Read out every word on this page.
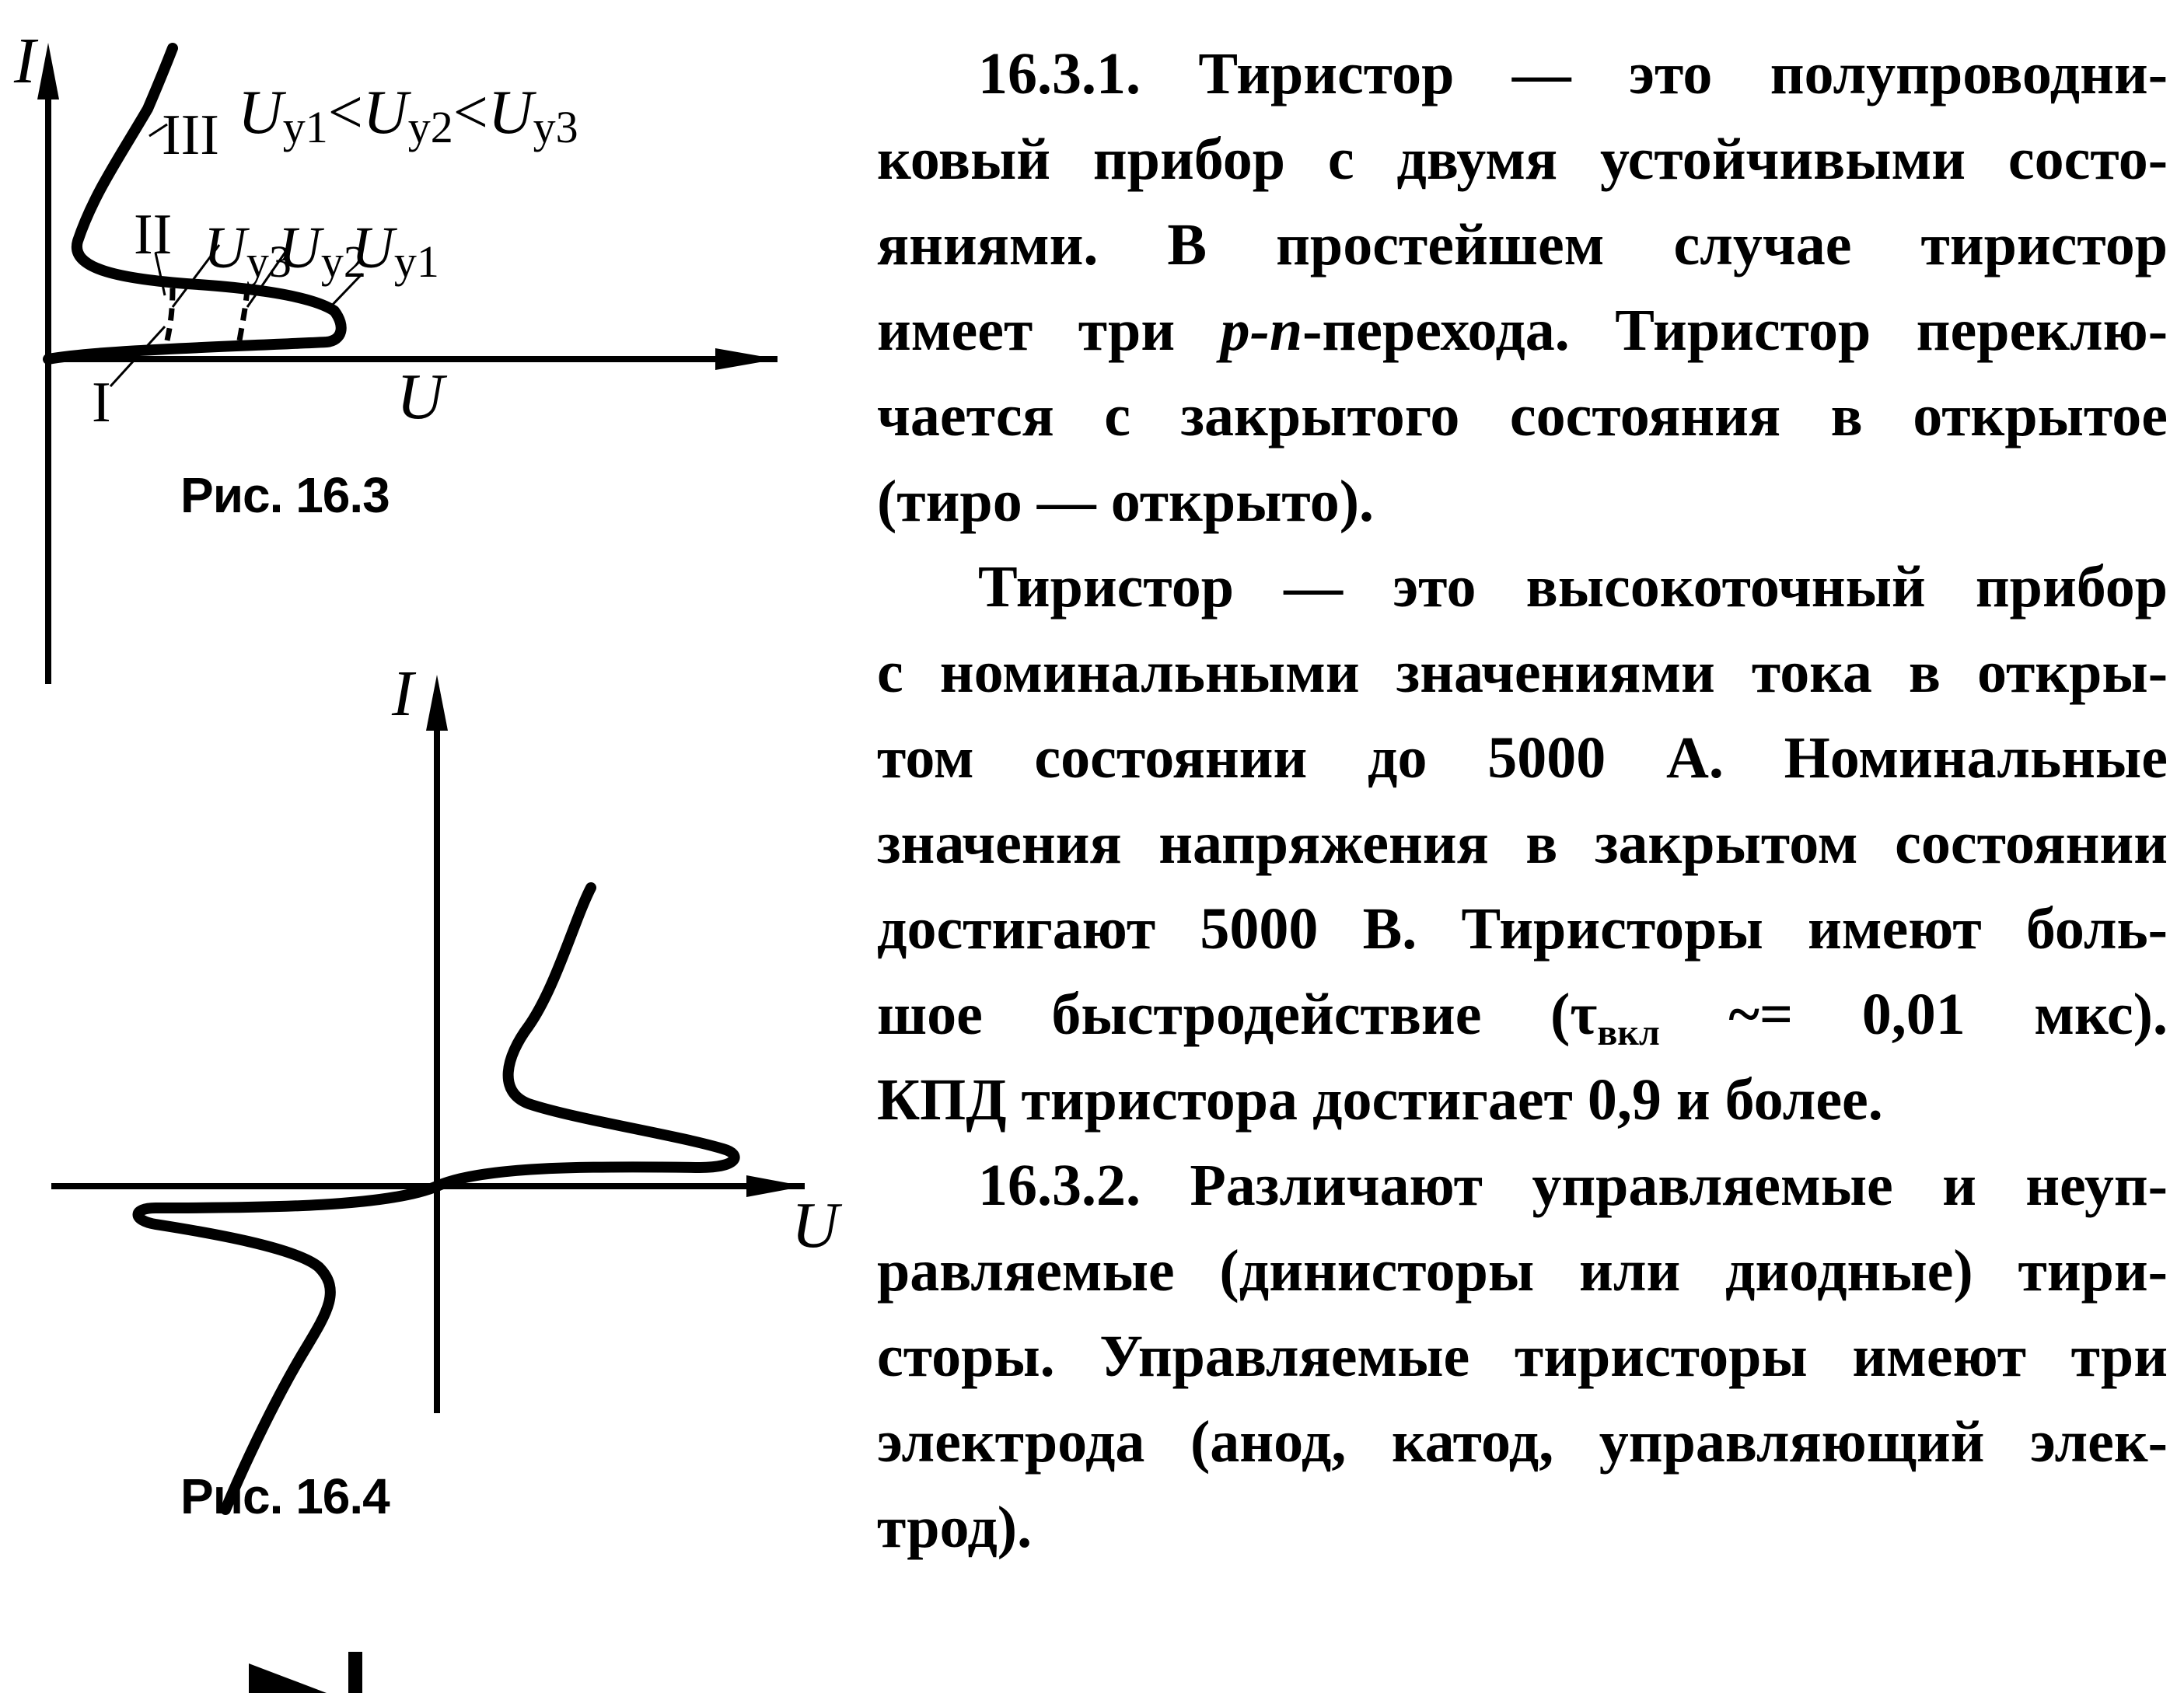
I
U
$U_{у1}<U_{у2}<U_{у3}$
III
II
I
$U_{у3}$
$U_{у2}$
$U_{у1}$
Рис. 16.3
I
U
Рис. 16.4
16.3.1. Тиристор — это полупроводни-
ковый прибор с двумя устойчивыми состо-
яниями. В простейшем случае тиристор
имеет три p-n-перехода. Тиристор переклю-
чается с закрытого состояния в открытое
(тиро — открыто).
Тиристор — это высокоточный прибор
с номинальными значениями тока в откры-
том состоянии до 5000 А. Номинальные
значения напряжения в закрытом состоянии
достигают 5000 В. Тиристоры имеют боль-
шое быстродействие (τвкл ~= 0,01 мкс).
КПД тиристора достигает 0,9 и более.
16.3.2. Различают управляемые и неуп-
равляемые (динисторы или диодные) тири-
сторы. Управляемые тиристоры имеют три
электрода (анод, катод, управляющий элек-
трод).
